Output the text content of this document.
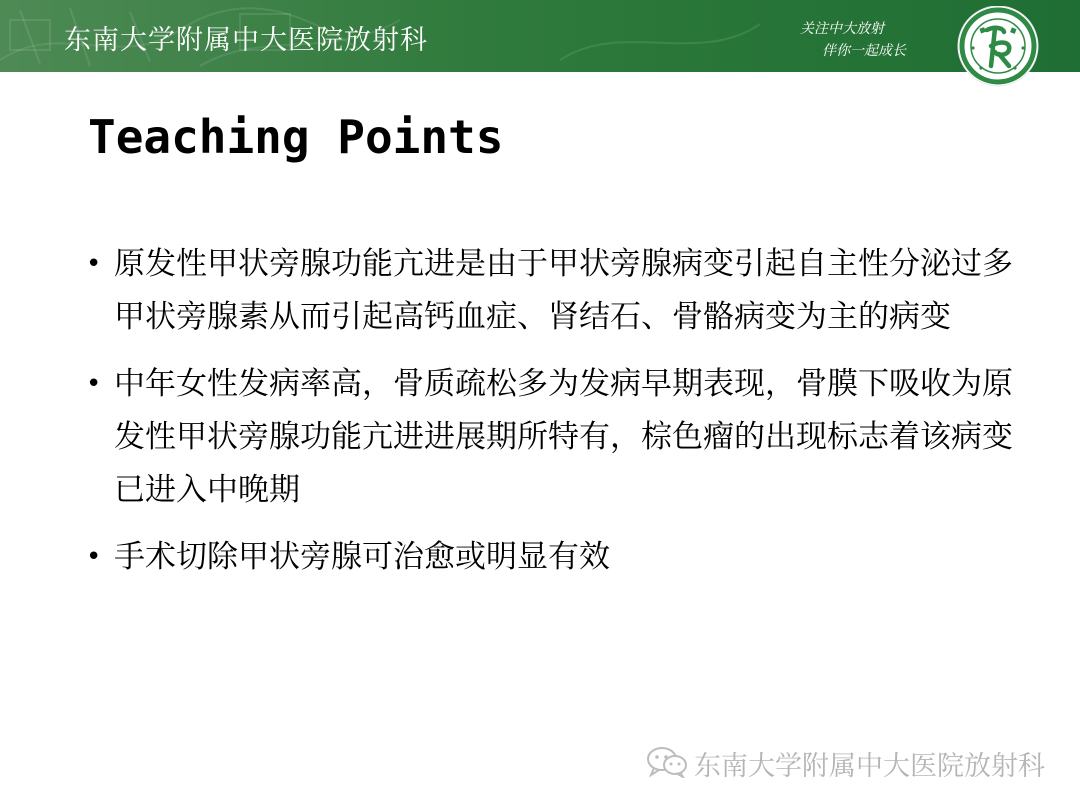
东南大学附属中大医院放射科	关注中大放射
伴你一起成长
Teaching Points
• 原发性甲状旁腺功能亢进是由于甲状旁腺病变引起自主性分泌过多甲状旁腺素从而引起高钙血症、肾结石、骨骼病变为主的病变
• 中年女性发病率高，骨质疏松多为发病早期表现，骨膜下吸收为原发性甲状旁腺功能亢进进展期所特有，棕色瘤的出现标志着该病变已进入中晚期
• 手术切除甲状旁腺可治愈或明显有效
东南大学附属中大医院放射科
